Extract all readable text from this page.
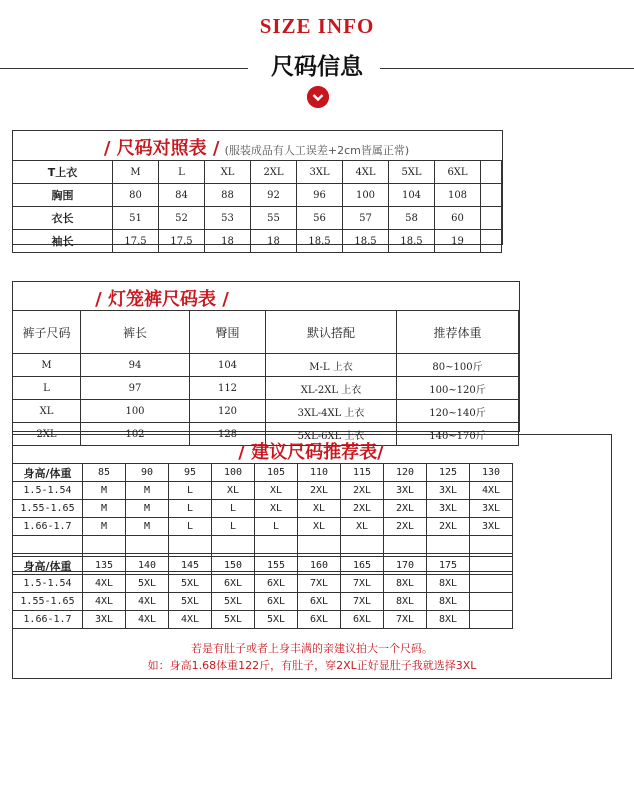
SIZE INFO
尺码信息
/ 尺码对照表 / (服装成品有人工误差+2cm皆属正常)
T上衣	M	L	XL	2XL	3XL	4XL	5XL	6XL	
胸围	80	84	88	92	96	100	104	108	
衣长	51	52	53	55	56	57	58	60	
袖长	17.5	17.5	18	18	18.5	18.5	18.5	19	
/ 灯笼裤尺码表 /
裤子尺码	裤长	臀围	默认搭配	推荐体重
M	94	104	M-L 上衣	80~100斤
L	97	112	XL-2XL 上衣	100~120斤
XL	100	120	3XL-4XL 上衣	120~140斤
2XL	102	128	5XL-6XL 上衣	140~170斤
/ 建议尺码推荐表/
身高/体重	85	90	95	100	105	110	115	120	125	130
1.5-1.54	M	M	L	XL	XL	2XL	2XL	3XL	3XL	4XL
1.55-1.65	M	M	L	L	XL	XL	2XL	2XL	3XL	3XL
1.66-1.7	M	M	L	L	L	XL	XL	2XL	2XL	3XL

身高/体重	135	140	145	150	155	160	165	170	175	
1.5-1.54	4XL	5XL	5XL	6XL	6XL	7XL	7XL	8XL	8XL	
1.55-1.65	4XL	4XL	5XL	5XL	6XL	6XL	7XL	8XL	8XL	
1.66-1.7	3XL	4XL	4XL	5XL	5XL	6XL	6XL	7XL	8XL	
若是有肚子或者上身丰满的亲建议拍大一个尺码。
如：身高1.68体重122斤，有肚子，穿2XL正好显肚子我就选择3XL
